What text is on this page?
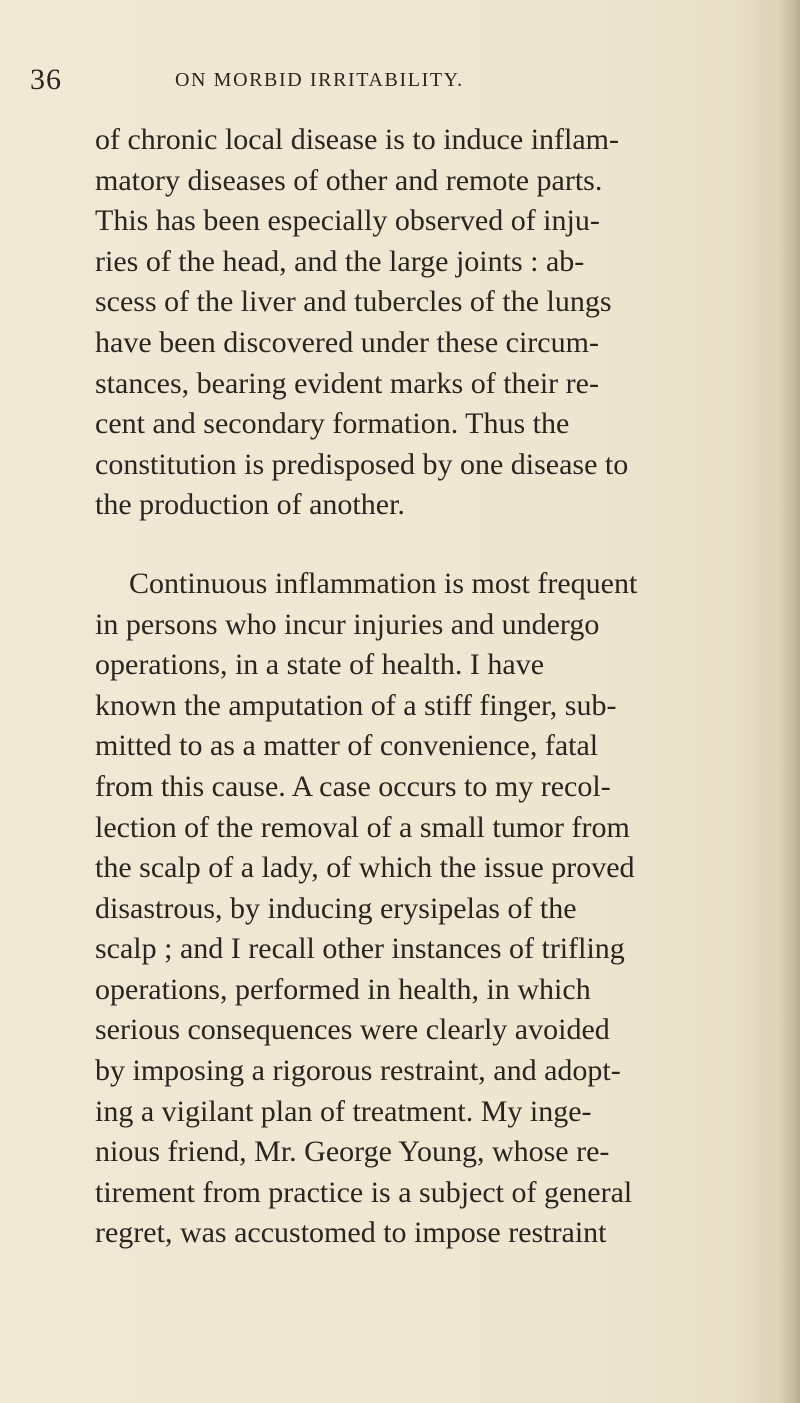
36	ON MORBID IRRITABILITY.
of chronic local disease is to induce inflam-
matory diseases of other and remote parts.
This has been especially observed of inju-
ries of the head, and the large joints : ab-
scess of the liver and tubercles of the lungs
have been discovered under these circum-
stances, bearing evident marks of their re-
cent and secondary formation. Thus the
constitution is predisposed by one disease to
the production of another.
Continuous inflammation is most frequent
in persons who incur injuries and undergo
operations, in a state of health. I have
known the amputation of a stiff finger, sub-
mitted to as a matter of convenience, fatal
from this cause. A case occurs to my recol-
lection of the removal of a small tumor from
the scalp of a lady, of which the issue proved
disastrous, by inducing erysipelas of the
scalp ; and I recall other instances of trifling
operations, performed in health, in which
serious consequences were clearly avoided
by imposing a rigorous restraint, and adopt-
ing a vigilant plan of treatment. My inge-
nious friend, Mr. George Young, whose re-
tirement from practice is a subject of general
regret, was accustomed to impose restraint
